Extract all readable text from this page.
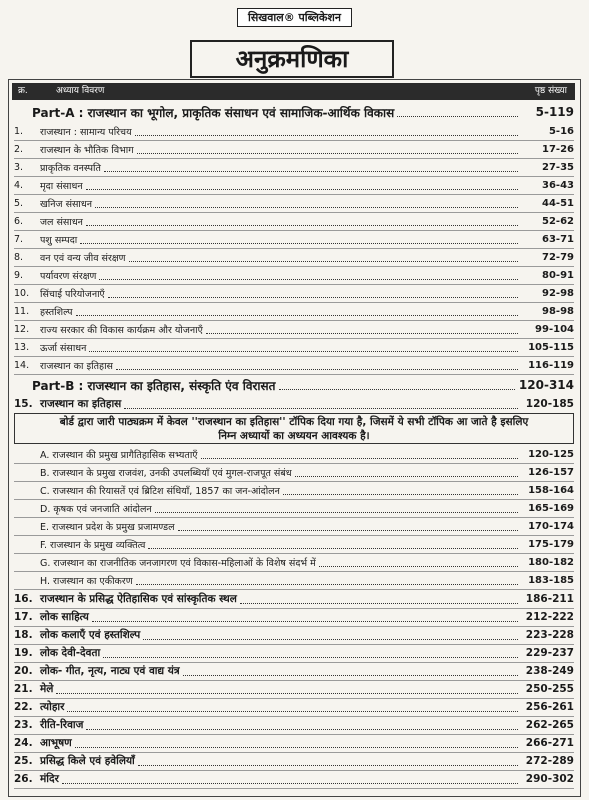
सिखवाल® पब्लिकेशन
अनुक्रमणिका
क्र.	अध्याय विवरण	पृष्ठ संख्या
Part-A : राजस्थान का भूगोल, प्राकृतिक संसाधन एवं सामाजिक-आर्थिक विकास	5-119
1.	राजस्थान : सामान्य परिचय	5-16
2.	राजस्थान के भौतिक विभाग	17-26
3.	प्राकृतिक वनस्पति	27-35
4.	मृदा संसाधन	36-43
5.	खनिज संसाधन	44-51
6.	जल संसाधन	52-62
7.	पशु सम्पदा	63-71
8.	वन एवं वन्य जीव संरक्षण	72-79
9.	पर्यावरण संरक्षण	80-91
10.	सिंचाई परियोजनाएँ	92-98
11.	हस्तशिल्प	98-98
12.	राज्य सरकार की विकास कार्यक्रम और योजनाएँ	99-104
13.	ऊर्जा संसाधन	105-115
14.	राजस्थान का इतिहास	116-119
Part-B : राजस्थान का इतिहास, संस्कृति एंव विरासत	120-314
15. राजस्थान का इतिहास	120-185
बोर्ड द्वारा जारी पाठ्यक्रम में केवल ''राजस्थान का इतिहास'' टॉपिक दिया गया है, जिसमें ये सभी टॉपिक आ जाते है इसलिए
निम्न अध्यायों का अध्ययन आवश्यक है।
A. राजस्थान की प्रमुख प्रागैतिहासिक सभ्यताएँ	120-125
B. राजस्थान के प्रमुख राजवंश, उनकी उपलब्धियाँ एवं मुगल-राजपूत संबंध	126-157
C. राजस्थान की रियासतें एवं ब्रिटिश संधियाँ, 1857 का जन-आंदोलन	158-164
D. कृषक एवं जनजाति आंदोलन	165-169
E. राजस्थान प्रदेश के प्रमुख प्रजामण्डल	170-174
F. राजस्थान के प्रमुख व्यक्तित्व	175-179
G. राजस्थान का राजनीतिक जनजागरण एवं विकास-महिलाओं के विशेष संदर्भ में	180-182
H. राजस्थान का एकीकरण	183-185
16. राजस्थान के प्रसिद्ध ऐतिहासिक एवं सांस्कृतिक स्थल	186-211
17. लोक साहित्य	212-222
18. लोक कलाएँ एवं हस्तशिल्प	223-228
19. लोक देवी-देवता	229-237
20. लोक- गीत, नृत्य, नाट्य एवं वाद्य यंत्र	238-249
21. मेले	250-255
22. त्योहार	256-261
23. रीति-रिवाज	262-265
24. आभूषण	266-271
25. प्रसिद्ध किले एवं हवेलियाँ	272-289
26. मंदिर	290-302
